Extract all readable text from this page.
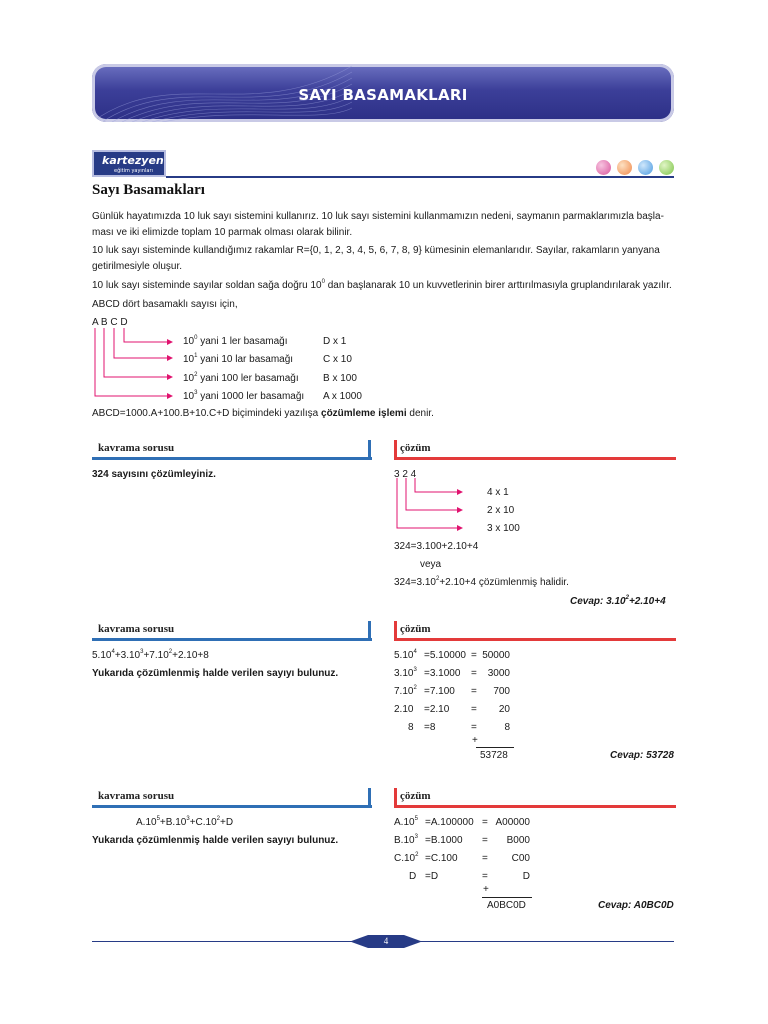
SAYI BASAMAKLARI
kartezyen
eğitim yayınları
Sayı Basamakları
Günlük hayatımızda 10 luk sayı sistemini kullanırız. 10 luk sayı sistemini kullanmamızın nedeni, saymanın parmaklarımızla başla-
ması ve iki elimizde toplam 10 parmak olması olarak bilinir.
10 luk sayı sisteminde kullandığımız rakamlar R={0, 1, 2, 3, 4, 5, 6, 7, 8, 9} kümesinin elemanlarıdır. Sayılar, rakamların yanyana
getirilmesiyle oluşur.
10 luk sayı sisteminde sayılar soldan sağa doğru $10^0$ dan başlanarak 10 un kuvvetlerinin birer arttırılmasıyla gruplandırılarak yazılır.
ABCD dört basamaklı sayısı için,
A B C D
$10^0$ yani 1 ler basamağı	D x 1
$10^1$ yani 10 lar basamağı	C x 10
$10^2$ yani 100 ler basamağı B x 100
$10^3$ yani 1000 ler basamağı A x 1000
ABCD=1000.A+100.B+10.C+D biçimindeki yazılışa çözümleme işlemi denir.
kavrama sorusu	çözüm
324 sayısını çözümleyiniz.	3 2 4
4 x 1
2 x 10
3 x 100
324=3.100+2.10+4
veya
$324=3.10^2+2.10+4$ çözümlenmiş halidir.
Cevap: $3.10^2+2.10+4$
kavrama sorusu	çözüm
$5.10^4+3.10^3+7.10^2+2.10+8$
Yukarıda çözümlenmiş halde verilen sayıyı bulunuz.
$5.10^4 =5.10000 = 50000$
$3.10^3 =3.1000$ =	3000
$7.10^2 =7.100$ =	700
2.10 =2.10 =	20
8 =8	=	8
+
53728	Cevap: 53728
kavrama sorusu	çözüm
$A.10^5+B.10^3+C.10^2+D$
Yukarıda çözümlenmiş halde verilen sayıyı bulunuz.
$A.10^5 =A.100000 = A00000$
$B.10^3 =B.1000$ =	B000
$C.10^2 =C.100$ =	C00
D =D	=	D
+
A0BC0D	Cevap: A0BC0D
4
